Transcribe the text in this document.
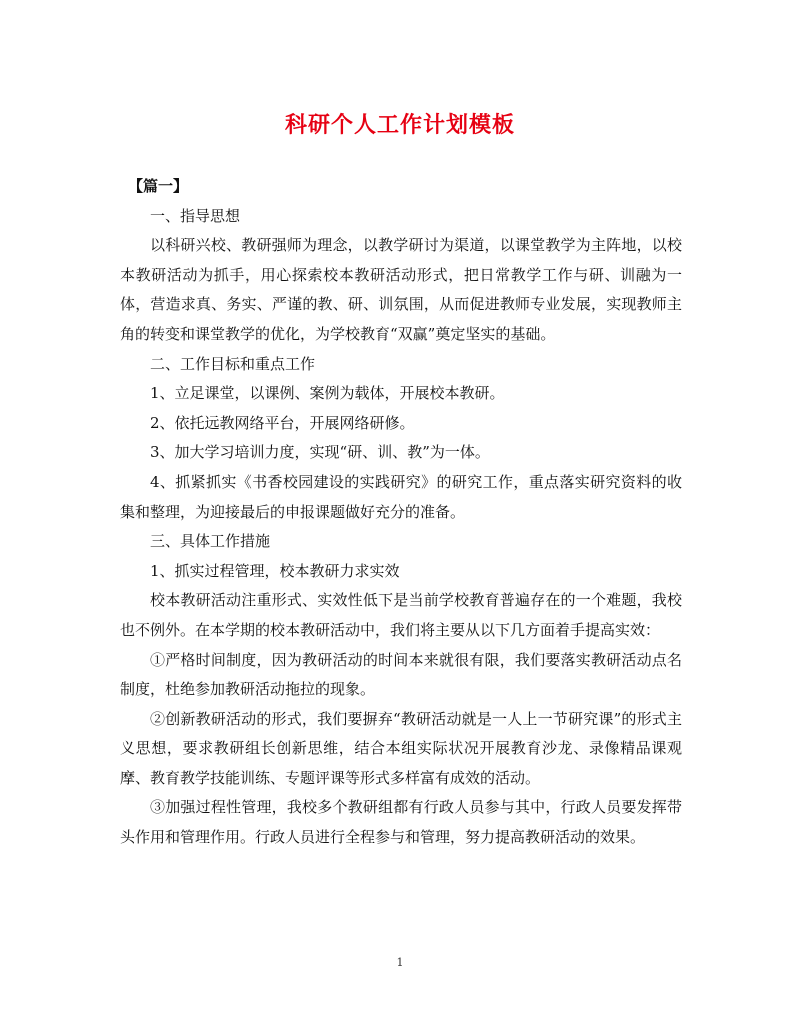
科研个人工作计划模板

【篇一】

一、指导思想

以科研兴校、教研强师为理念，以教学研讨为渠道，以课堂教学为主阵地，以校本教研活动为抓手，用心探索校本教研活动形式，把日常教学工作与研、训融为一体，营造求真、务实、严谨的教、研、训氛围，从而促进教师专业发展，实现教师主角的转变和课堂教学的优化，为学校教育“双赢”奠定坚实的基础。

二、工作目标和重点工作

1、立足课堂，以课例、案例为载体，开展校本教研。

2、依托远教网络平台，开展网络研修。

3、加大学习培训力度，实现“研、训、教”为一体。

4、抓紧抓实《书香校园建设的实践研究》的研究工作，重点落实研究资料的收集和整理，为迎接最后的申报课题做好充分的准备。

三、具体工作措施

1、抓实过程管理，校本教研力求实效

校本教研活动注重形式、实效性低下是当前学校教育普遍存在的一个难题，我校也不例外。在本学期的校本教研活动中，我们将主要从以下几方面着手提高实效：

①严格时间制度，因为教研活动的时间本来就很有限，我们要落实教研活动点名制度，杜绝参加教研活动拖拉的现象。

②创新教研活动的形式，我们要摒弃“教研活动就是一人上一节研究课”的形式主义思想，要求教研组长创新思维，结合本组实际状况开展教育沙龙、录像精品课观摩、教育教学技能训练、专题评课等形式多样富有成效的活动。

③加强过程性管理，我校多个教研组都有行政人员参与其中，行政人员要发挥带头作用和管理作用。行政人员进行全程参与和管理，努力提高教研活动的效果。

1
